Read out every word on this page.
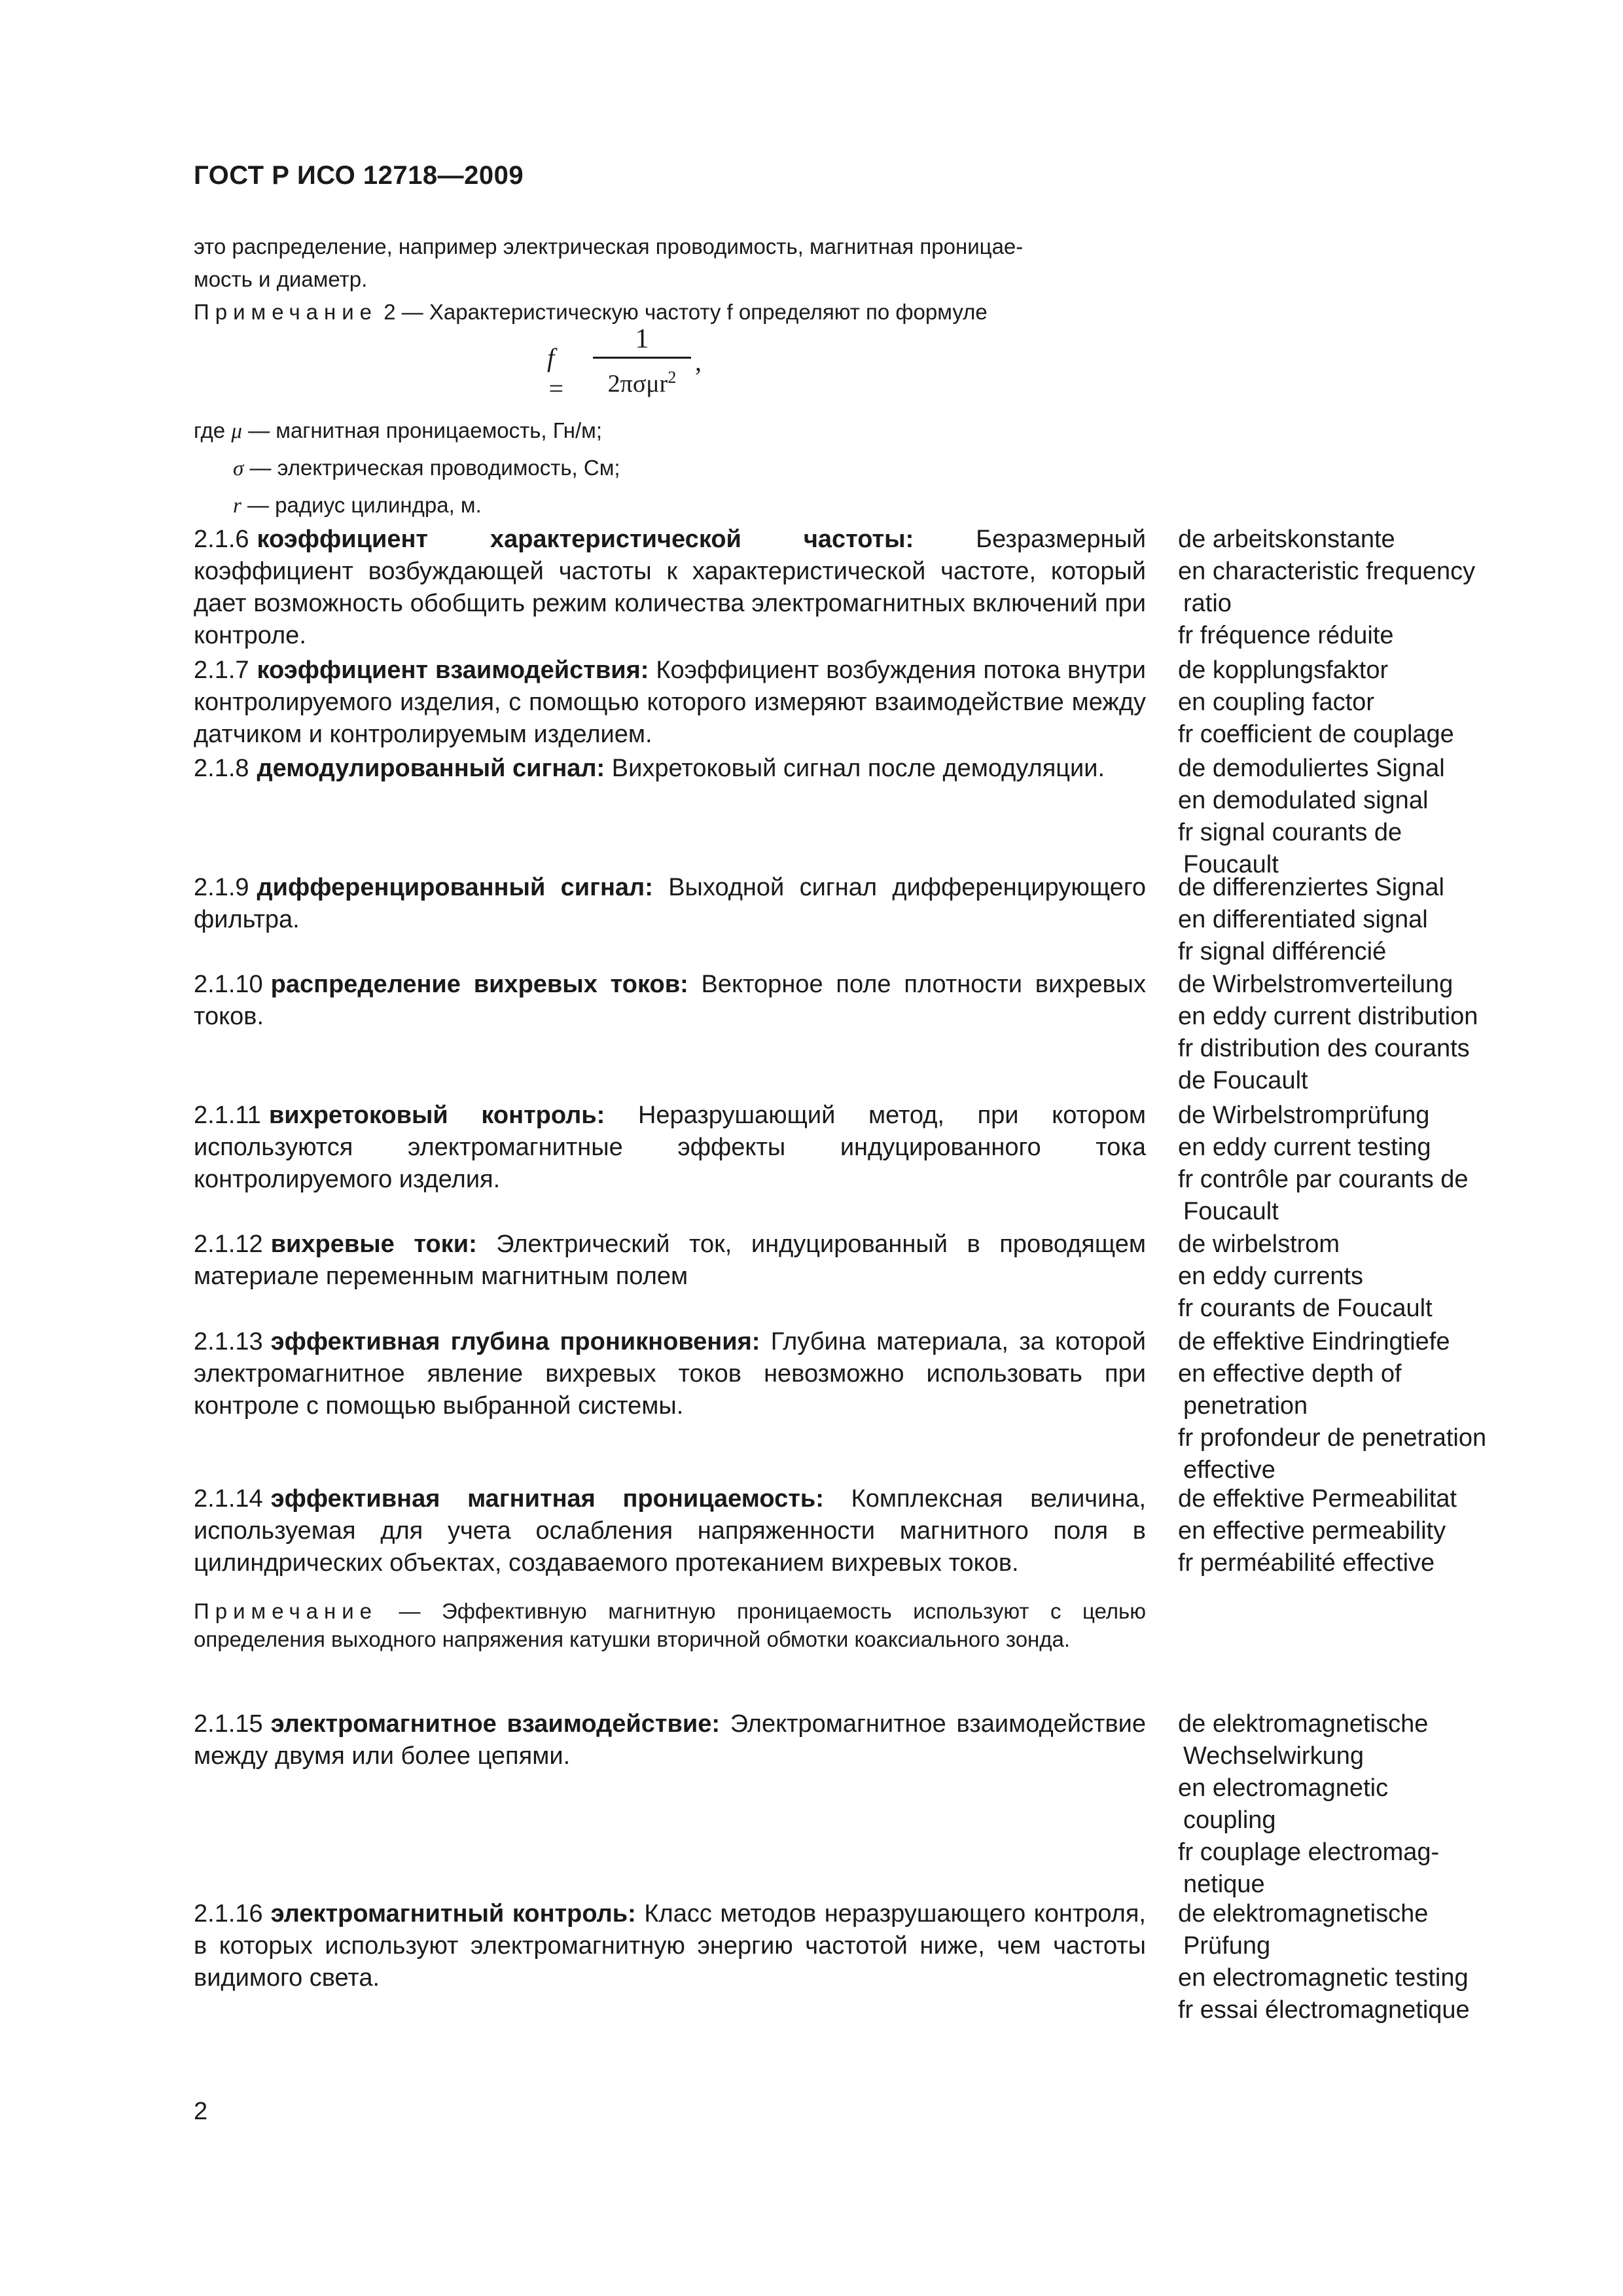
ГОСТ Р ИСО 12718—2009
это распределение, например электрическая проводимость, магнитная проницае-
мость и диаметр.
Примечание 2 — Характеристическую частоту f определяют по формуле
f =
1
2πσμr$^2$
,
где μ — магнитная проницаемость, Гн/м;
σ — электрическая проводимость, См;
r — радиус цилиндра, м.
2.1.6 коэффициент характеристической частоты: Безразмерный коэффициент возбуждающей частоты к характеристической частоте, который дает возможность обобщить режим количества электромагнитных включений при контроле.
de arbeitskonstante
en characteristic frequency
ratio
fr fréquence réduite
2.1.7 коэффициент взаимодействия: Коэффициент возбуждения потока внутри контролируемого изделия, с помощью которого измеряют взаимодействие между датчиком и контролируемым изделием.
de kopplungsfaktor
en coupling factor
fr coefficient de couplage
2.1.8 демодулированный сигнал: Вихретоковый сигнал после демодуляции.	de demoduliertes Signal
en demodulated signal
fr signal courants de
Foucault
2.1.9 дифференцированный сигнал: Выходной сигнал дифференцирующего фильтра.
de differenziertes Signal
en differentiated signal
fr signal différencié
2.1.10 распределение вихревых токов: Векторное поле плотности вихревых токов.
de Wirbelstromverteilung
en eddy current distribution
fr distribution des courants
de Foucault
2.1.11 вихретоковый контроль: Неразрушающий метод, при котором используются электромагнитные эффекты индуцированного тока контролируемого изделия.
de Wirbelstromprüfung
en eddy current testing
fr contrôle par courants de
Foucault
2.1.12 вихревые токи: Электрический ток, индуцированный в проводящем материале переменным магнитным полем
de wirbelstrom
en eddy currents
fr courants de Foucault
2.1.13 эффективная глубина проникновения: Глубина материала, за которой электромагнитное явление вихревых токов невозможно использовать при контроле с помощью выбранной системы.
de effektive Eindringtiefe
en effective depth of
penetration
fr profondeur de penetration
effective
2.1.14 эффективная магнитная проницаемость: Комплексная величина, используемая для учета ослабления напряженности магнитного поля в цилиндрических объектах, создаваемого протеканием вихревых токов.
de effektive Permeabilitat
en effective permeability
fr perméabilité effective
Примечание — Эффективную магнитную проницаемость используют с целью определения выходного напряжения катушки вторичной обмотки коаксиального зонда.
2.1.15 электромагнитное взаимодействие: Электромагнитное взаимодействие между двумя или более цепями.
de elektromagnetische
Wechselwirkung
en electromagnetic
coupling
fr couplage electromag-
netique
2.1.16 электромагнитный контроль: Класс методов неразрушающего контроля, в которых используют электромагнитную энергию частотой ниже, чем частоты видимого света.
de elektromagnetische
Prüfung
en electromagnetic testing
fr essai électromagnetique
2
